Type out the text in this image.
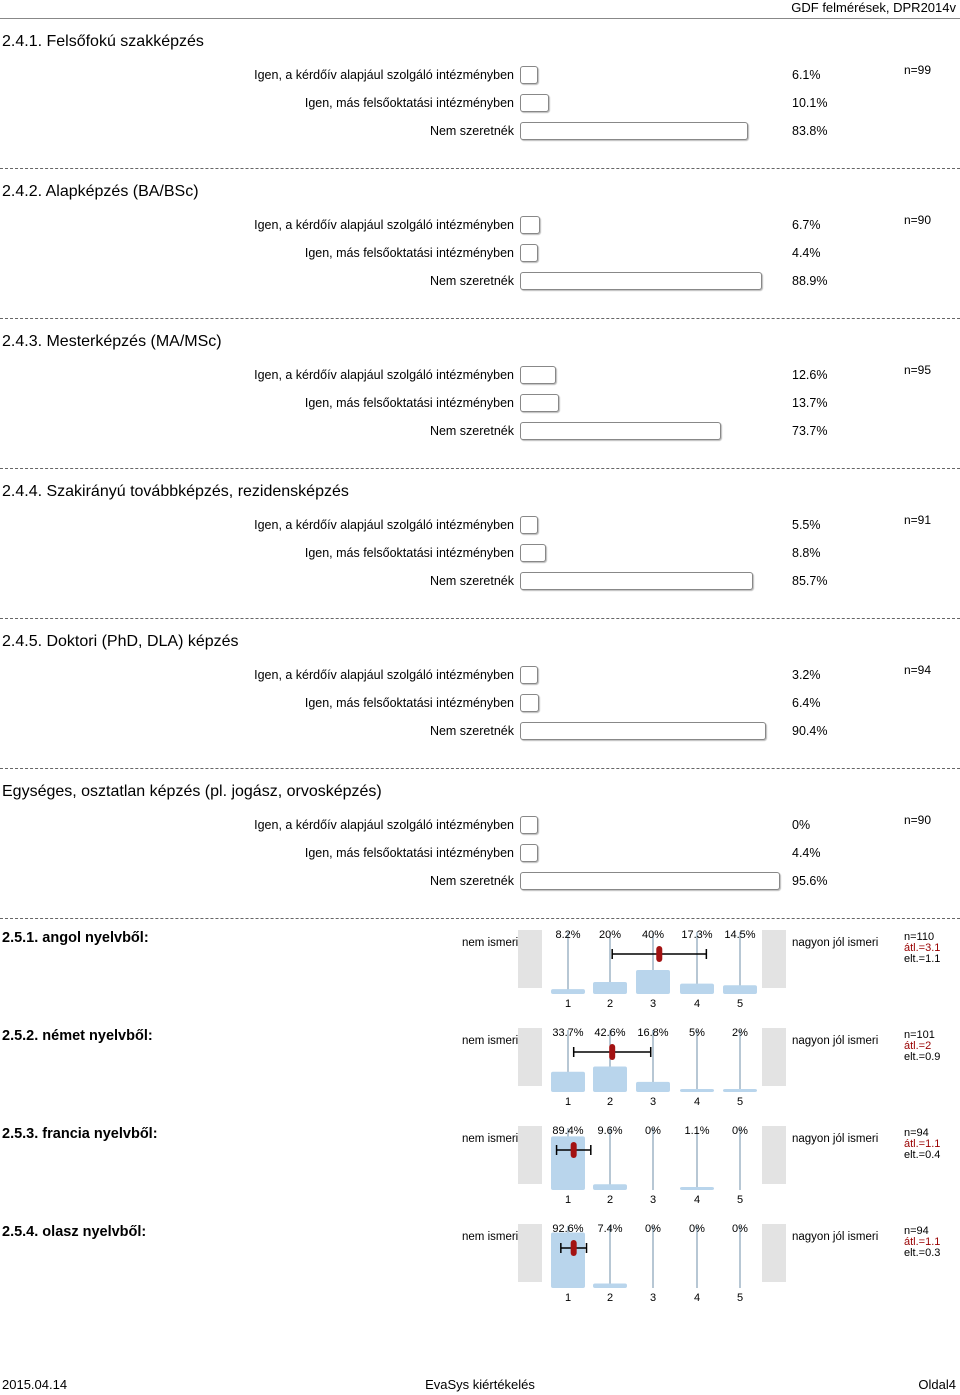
GDF felmérések, DPR2014v
2.4.1. Felsőfokú szakképzés
n=99
Igen, a kérdőív alapjául szolgáló intézményben	6.1%
Igen, más felsőoktatási intézményben	10.1%
Nem szeretnék	83.8%
2.4.2. Alapképzés (BA/BSc)
n=90
Igen, a kérdőív alapjául szolgáló intézményben	6.7%
Igen, más felsőoktatási intézményben	4.4%
Nem szeretnék	88.9%
2.4.3. Mesterképzés (MA/MSc)
n=95
Igen, a kérdőív alapjául szolgáló intézményben	12.6%
Igen, más felsőoktatási intézményben	13.7%
Nem szeretnék	73.7%
2.4.4. Szakirányú továbbképzés, rezidensképzés
n=91
Igen, a kérdőív alapjául szolgáló intézményben	5.5%
Igen, más felsőoktatási intézményben	8.8%
Nem szeretnék	85.7%
2.4.5. Doktori (PhD, DLA) képzés
n=94
Igen, a kérdőív alapjául szolgáló intézményben	3.2%
Igen, más felsőoktatási intézményben	6.4%
Nem szeretnék	90.4%
Egységes, osztatlan képzés (pl. jogász, orvosképzés)
n=90
Igen, a kérdőív alapjául szolgáló intézményben	0%
Igen, más felsőoktatási intézményben	4.4%
Nem szeretnék	95.6%
2.5.1. angol nyelvből:	nem ismeri	nagyon jól ismeri n=110
átl.=3.1
elt.=1.1
8.2%	20%	40%	17.3%	14.5%
1	2	3	4	5
2.5.2. német nyelvből:	nem ismeri	nagyon jól ismeri n=101
átl.=2
elt.=0.9
33.7% 42.6%	16.8%	5%	2%
1	2	3	4	5
2.5.3. francia nyelvből:	nem ismeri	nagyon jól ismeri n=94
átl.=1.1
elt.=0.4
89.4%	9.6%	0%	1.1%	0%
1	2	3	4	5
2.5.4. olasz nyelvből:	nem ismeri	nagyon jól ismeri n=94
átl.=1.1
elt.=0.3
92.6%	7.4%	0%	0%	0%
1	2	3	4	5
2015.04.14	EvaSys kiértékelés	Oldal4
